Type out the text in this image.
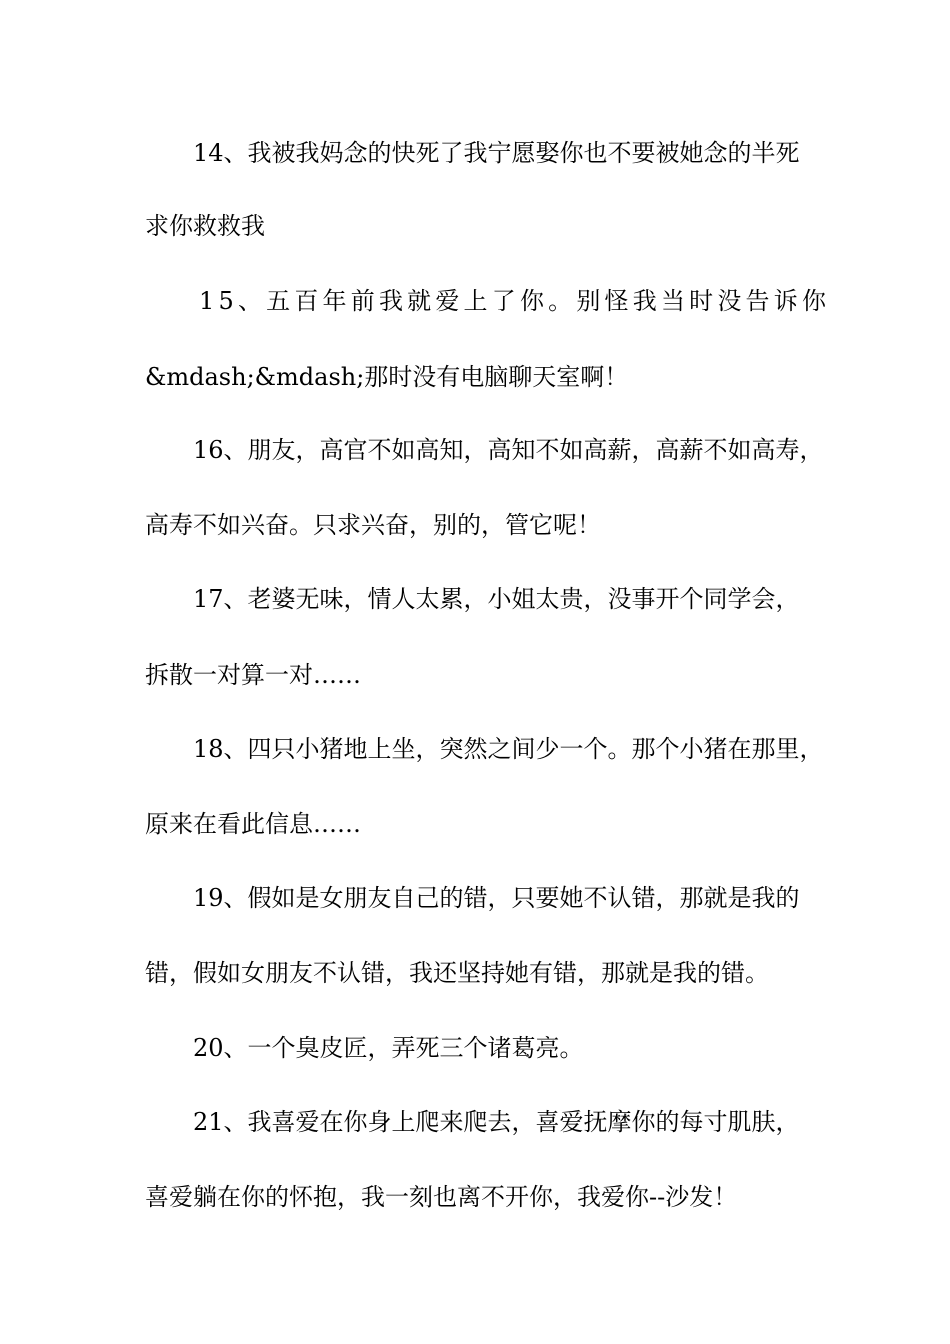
14、我被我妈念的快死了我宁愿娶你也不要被她念的半死
求你救救我
15、五百年前我就爱上了你。别怪我当时没告诉你
&mdash;&mdash;那时没有电脑聊天室啊！
16、朋友，高官不如高知，高知不如高薪，高薪不如高寿，
高寿不如兴奋。只求兴奋，别的，管它呢！
17、老婆无味，情人太累，小姐太贵，没事开个同学会，
拆散一对算一对……
18、四只小猪地上坐，突然之间少一个。那个小猪在那里，
原来在看此信息……
19、假如是女朋友自己的错，只要她不认错，那就是我的
错，假如女朋友不认错，我还坚持她有错，那就是我的错。
20、一个臭皮匠，弄死三个诸葛亮。
21、我喜爱在你身上爬来爬去，喜爱抚摩你的每寸肌肤，
喜爱躺在你的怀抱，我一刻也离不开你，我爱你--沙发！
